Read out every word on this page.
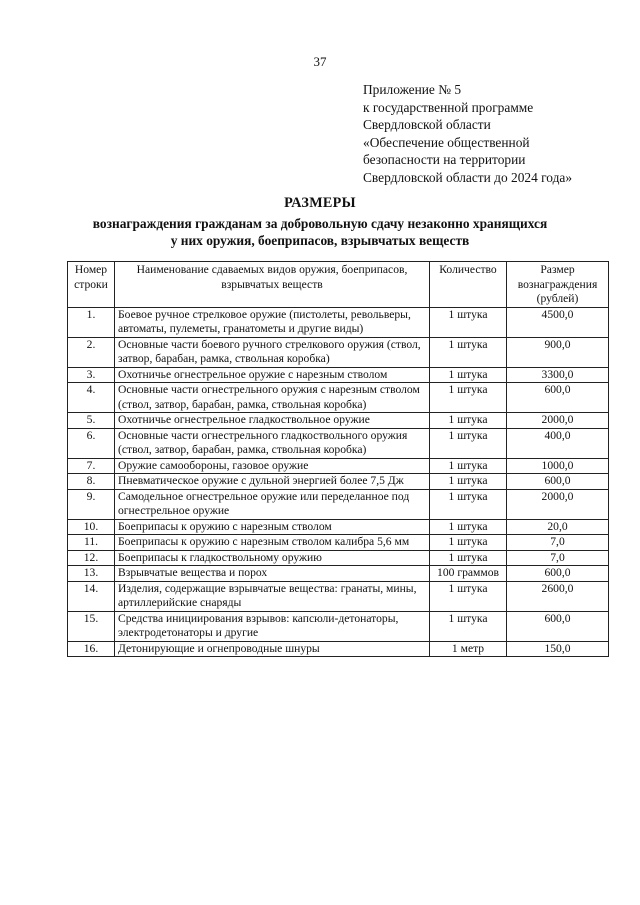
37
Приложение № 5
к государственной программе
Свердловской области
«Обеспечение общественной
безопасности на территории
Свердловской области до 2024 года»
РАЗМЕРЫ
вознаграждения гражданам за добровольную сдачу незаконно хранящихся
у них оружия, боеприпасов, взрывчатых веществ
Номер строки	Наименование сдаваемых видов оружия, боеприпасов, взрывчатых веществ	Количество	Размер вознаграждения (рублей)
1.	Боевое ручное стрелковое оружие (пистолеты, револьверы, автоматы, пулеметы, гранатометы и другие виды)	1 штука	4500,0
2.	Основные части боевого ручного стрелкового оружия (ствол, затвор, барабан, рамка, ствольная коробка)	1 штука	900,0
3.	Охотничье огнестрельное оружие с нарезным стволом	1 штука	3300,0
4.	Основные части огнестрельного оружия с нарезным стволом (ствол, затвор, барабан, рамка, ствольная коробка)	1 штука	600,0
5.	Охотничье огнестрельное гладкоствольное оружие	1 штука	2000,0
6.	Основные части огнестрельного гладкоствольного оружия (ствол, затвор, барабан, рамка, ствольная коробка)	1 штука	400,0
7.	Оружие самообороны, газовое оружие	1 штука	1000,0
8.	Пневматическое оружие с дульной энергией более 7,5 Дж	1 штука	600,0
9.	Самодельное огнестрельное оружие или переделанное под огнестрельное оружие	1 штука	2000,0
10.	Боеприпасы к оружию с нарезным стволом	1 штука	20,0
11.	Боеприпасы к оружию с нарезным стволом калибра 5,6 мм	1 штука	7,0
12.	Боеприпасы к гладкоствольному оружию	1 штука	7,0
13.	Взрывчатые вещества и порох	100 граммов	600,0
14.	Изделия, содержащие взрывчатые вещества: гранаты, мины, артиллерийские снаряды	1 штука	2600,0
15.	Средства инициирования взрывов: капсюли-детонаторы, электродетонаторы и другие	1 штука	600,0
16.	Детонирующие и огнепроводные шнуры	1 метр	150,0
